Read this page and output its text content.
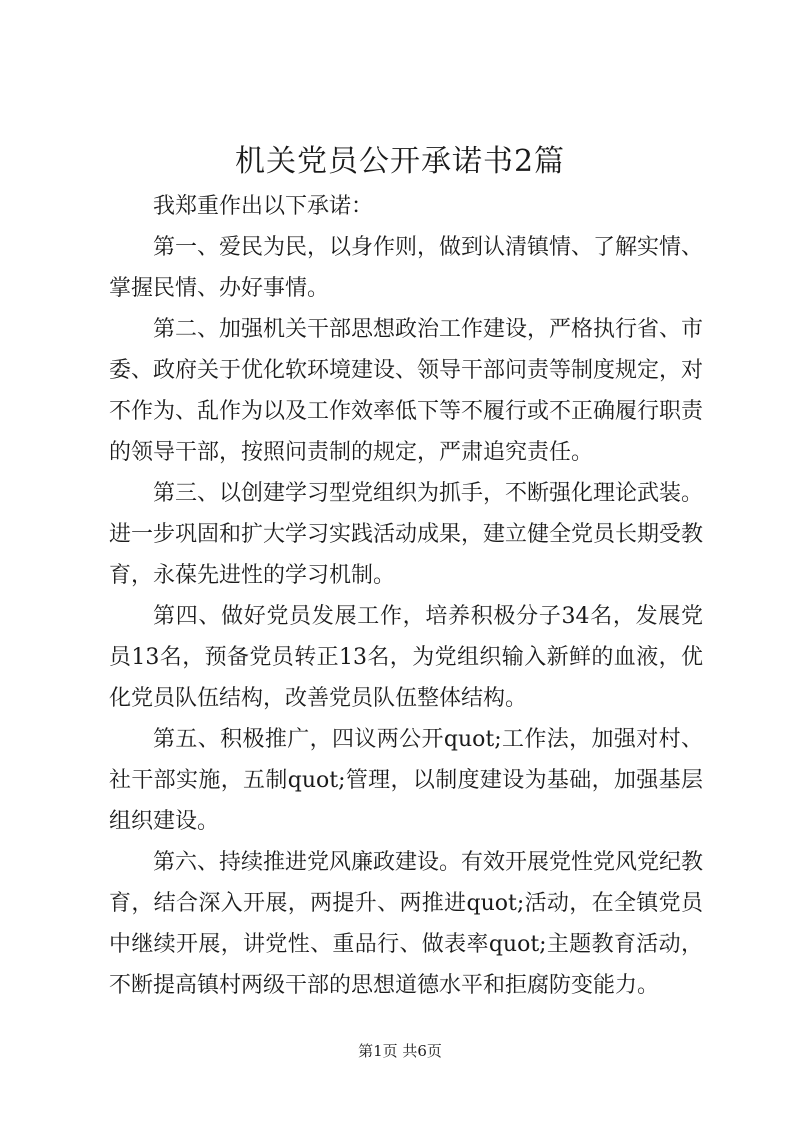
机关党员公开承诺书2篇

我郑重作出以下承诺：

第一、爱民为民，以身作则，做到认清镇情、了解实情、掌握民情、办好事情。

第二、加强机关干部思想政治工作建设，严格执行省、市委、政府关于优化软环境建设、领导干部问责等制度规定，对不作为、乱作为以及工作效率低下等不履行或不正确履行职责的领导干部，按照问责制的规定，严肃追究责任。

第三、以创建学习型党组织为抓手，不断强化理论武装。进一步巩固和扩大学习实践活动成果，建立健全党员长期受教育，永葆先进性的学习机制。

第四、做好党员发展工作，培养积极分子34名，发展党员13名，预备党员转正13名，为党组织输入新鲜的血液，优化党员队伍结构，改善党员队伍整体结构。

第五、积极推广，四议两公开quot;工作法，加强对村、社干部实施，五制quot;管理，以制度建设为基础，加强基层组织建设。

第六、持续推进党风廉政建设。有效开展党性党风党纪教育，结合深入开展，两提升、两推进quot;活动，在全镇党员中继续开展，讲党性、重品行、做表率quot;主题教育活动，不断提高镇村两级干部的思想道德水平和拒腐防变能力。

第1页 共6页
